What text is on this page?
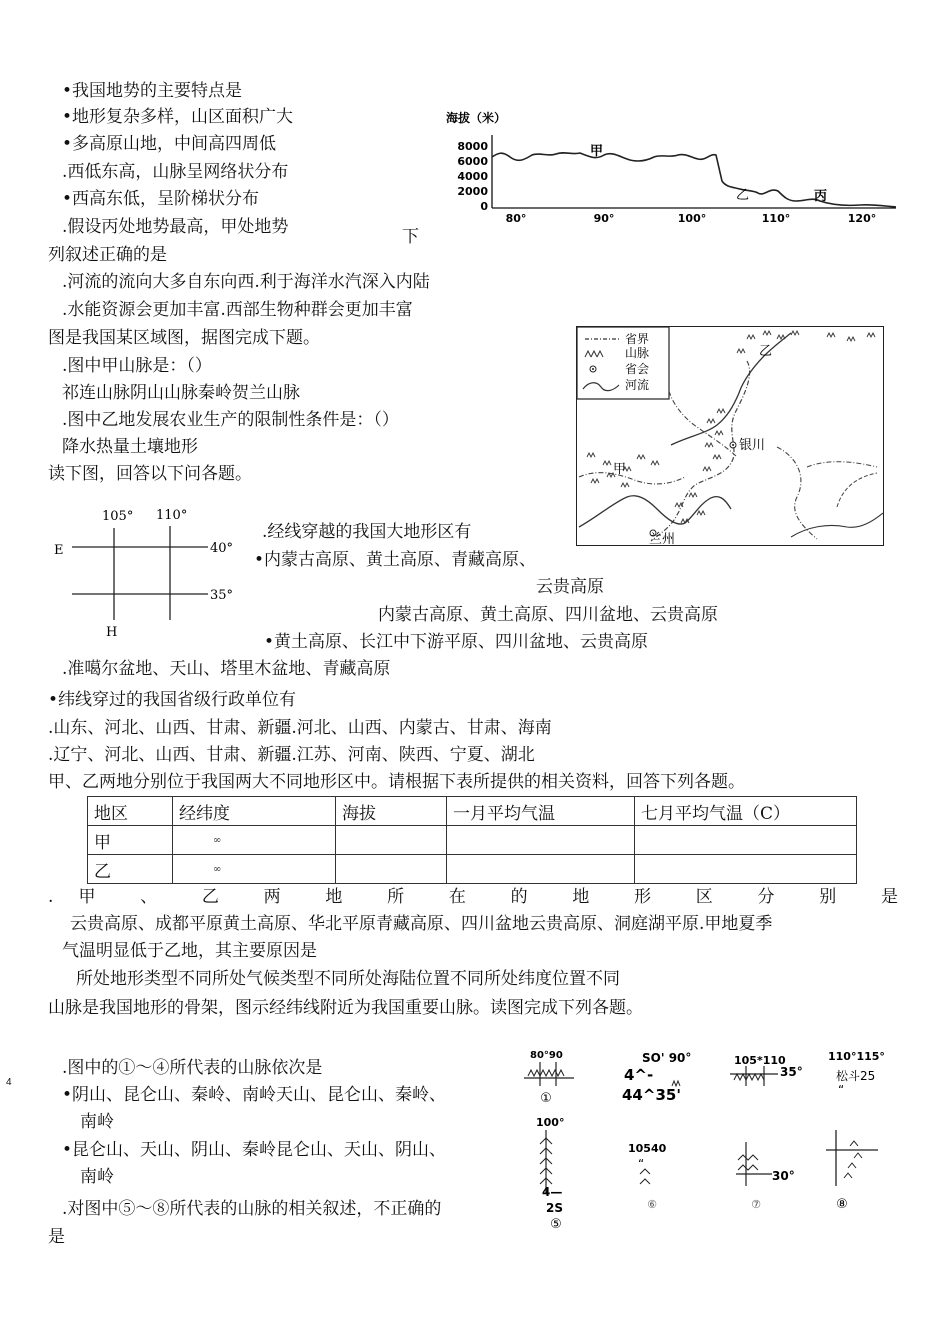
•我国地势的主要特点是
•地形复杂多样，山区面积广大
•多高原山地，中间高四周低
.西低东高，山脉呈网络状分布
•西高东低，呈阶梯状分布
.假设丙处地势最高，甲处地势	下
列叙述正确的是
.河流的流向大多自东向西.利于海洋水汽深入内陆
.水能资源会更加丰富.西部生物种群会更加丰富
海拔（米）
8000
6000
4000
2000
0
80°	90°	100°	110°	120°
甲
乙	丙
图是我国某区域图，据图完成下题。
.图中甲山脉是：（）
祁连山脉阴山山脉秦岭贺兰山脉
.图中乙地发展农业生产的限制性条件是：（）
降水热量土壤地形
省界
山脉
省会
河流
乙
银川
甲
兰州
读下图，回答以下问各题。
105° 110°
E	40°
35°
H
.经线穿越的我国大地形区有
•内蒙古高原、黄土高原、青藏高原、
云贵高原
内蒙古高原、黄土高原、四川盆地、云贵高原
•黄土高原、长江中下游平原、四川盆地、云贵高原
.准噶尔盆地、天山、塔里木盆地、青藏高原
•纬线穿过的我国省级行政单位有
.山东、河北、山西、甘肃、新疆.河北、山西、内蒙古、甘肃、海南
.辽宁、河北、山西、甘肃、新疆.江苏、河南、陕西、宁夏、湖北
甲、乙两地分别位于我国两大不同地形区中。请根据下表所提供的相关资料，回答下列各题。
地区	经纬度	海拔	一月平均气温	七月平均气温（C）
甲	∞			
乙	∞			
. 甲 、 乙 两 地 所 在 的 地 形 区 分 别 是
云贵高原、成都平原黄土高原、华北平原青藏高原、四川盆地云贵高原、洞庭湖平原.甲地夏季
气温明显低于乙地，其主要原因是
所处地形类型不同所处气候类型不同所处海陆位置不同所处纬度位置不同
山脉是我国地形的骨架，图示经纬线附近为我国重要山脉。读图完成下列各题。
4
.图中的①～④所代表的山脉依次是
•阴山、昆仑山、秦岭、南岭天山、昆仑山、秦岭、
南岭
•昆仑山、天山、阴山、秦岭昆仑山、天山、阴山、
南岭
.对图中⑤～⑧所代表的山脉的相关叙述，不正确的
是
80°90
①
SO' 90°
4^-
44^35'
105*110
35°
110°115°
松斗25
“
100°
4—
2S
⑤
10540
“
⑥
30°
⑦	⑧
